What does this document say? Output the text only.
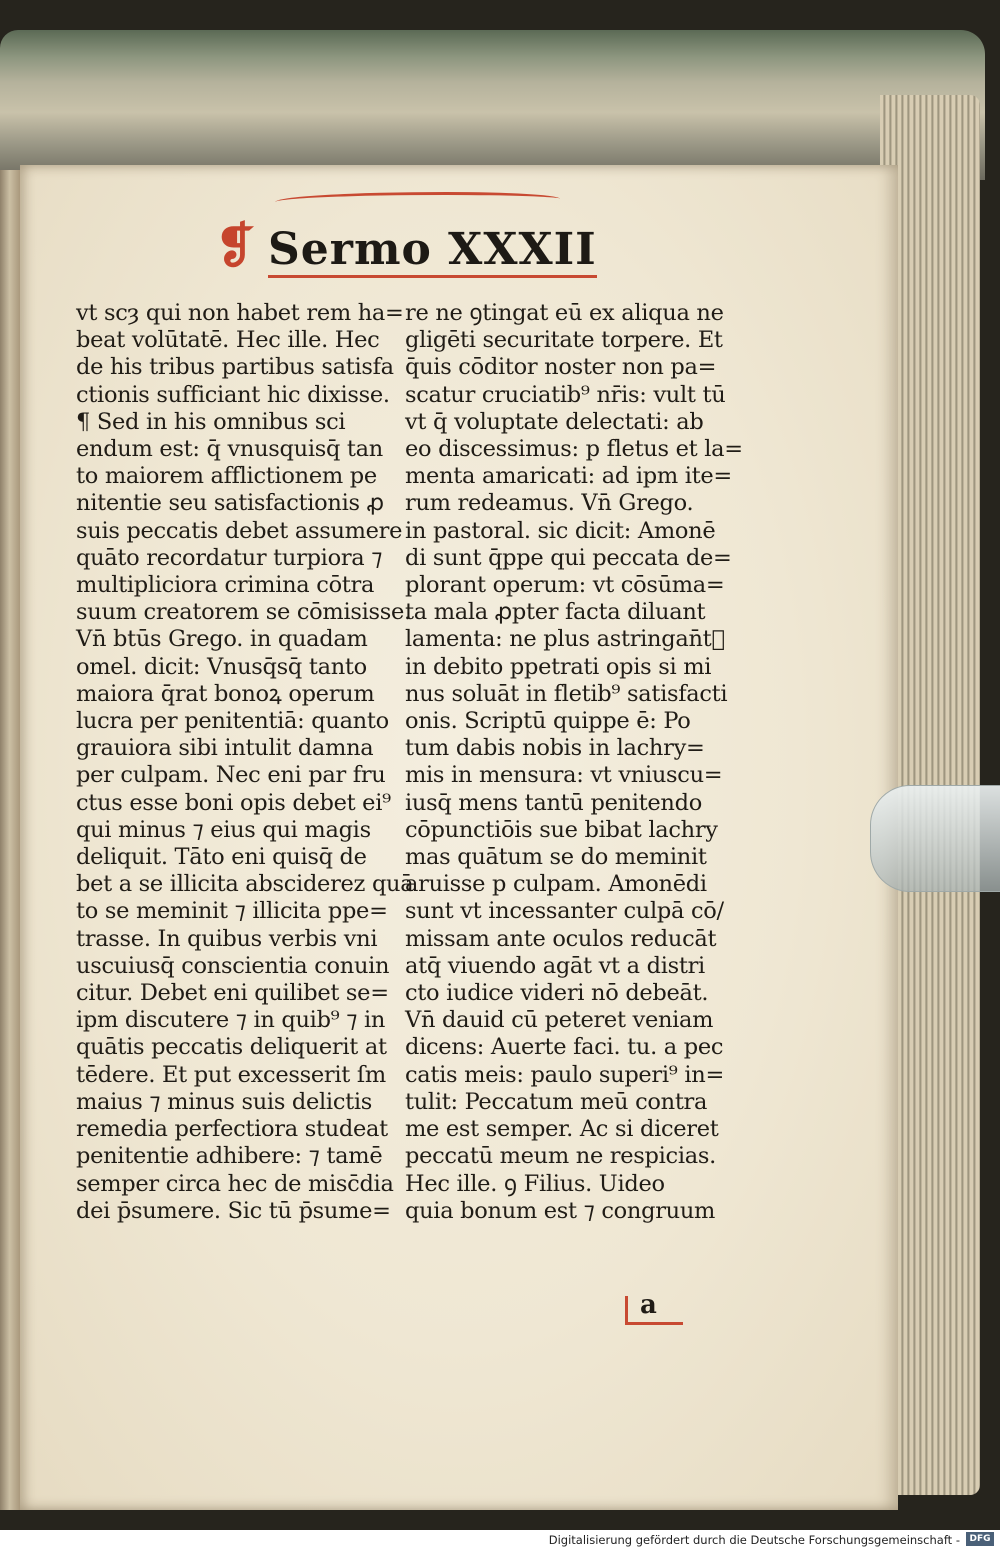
❡ Sermo XXXII
vt scȝ qui non habet rem ha=
beat volūtatē. Hec ille. Hec
de his tribus partibus satisfa
ctionis sufficiant hic dixisse.
¶ Sed in his omnibus sci
endum est: q̄ vnusquisq̄ tan
to maiorem afflictionem pe
nitentie seu satisfactionis ꝓ
suis peccatis debet assumere
quāto recordatur turpiora ⁊
multipliciora crimina cōtra
suum creatorem se cōmisisse.
Vn̄ btūs Grego. in quadam
omel. dicit: Vnusq̄sq̄ tanto
maiora q̄rat bonoꝝ operum
lucra per penitentiā: quanto
grauiora sibi intulit damna
per culpam. Nec eni par fru
ctus esse boni opis debet ei⁹
qui minus ⁊ eius qui magis
deliquit. Tāto eni quisq̄ de
bet a se illicita absciderez quā
to se meminit ⁊ illicita ppe=
trasse. In quibus verbis vni
uscuiusq̄ conscientia conuin
citur. Debet eni quilibet se=
ipm discutere ⁊ in quib⁹ ⁊ in
quātis peccatis deliquerit at
tēdere. Et put excesserit ſm
maius ⁊ minus suis delictis
remedia perfectiora studeat
penitentie adhibere: ⁊ tamē
semper circa hec de misc̄dia
dei p̄sumere. Sic tū p̄sume=
re ne ꝯtingat eū ex aliqua ne
gligēti securitate torpere. Et
q̄uis cōditor noster non pa=
scatur cruciatib⁹ nr̄is: vult tū
vt q̄ voluptate delectati: ab
eo discessimus: p fletus et la=
menta amaricati: ad ipm ite=
rum redeamus. Vn̄ Grego.
in pastoral. sic dicit: Amonē
di sunt q̄ppe qui peccata de=
plorant operum: vt cōsūma=
ta mala ꝓpter facta diluant
lamenta: ne plus astringan̄tᷓ
in debito ppetrati opis si mi
nus soluāt in fletib⁹ satisfacti
onis. Scriptū quippe ē: Po
tum dabis nobis in lachry=
mis in mensura: vt vniuscu=
iusq̄ mens tantū penitendo
cōpunctiōis sue bibat lachry
mas quātum se do meminit
aruisse p culpam. Amonēdi
sunt vt incessanter culpā cō/
missam ante oculos reducāt
atq̄ viuendo agāt vt a distri
cto iudice videri nō debeāt.
Vn̄ dauid cū peteret veniam
dicens: Auerte faci. tu. a pec
catis meis: paulo superi⁹ in=
tulit: Peccatum meū contra
me est semper. Ac si diceret
peccatū meum ne respicias.
Hec ille. ꝯ Filius. Uideo
quia bonum est ⁊ congruum
a
Digitalisierung gefördert durch die Deutsche Forschungsgemeinschaft -	DFG
